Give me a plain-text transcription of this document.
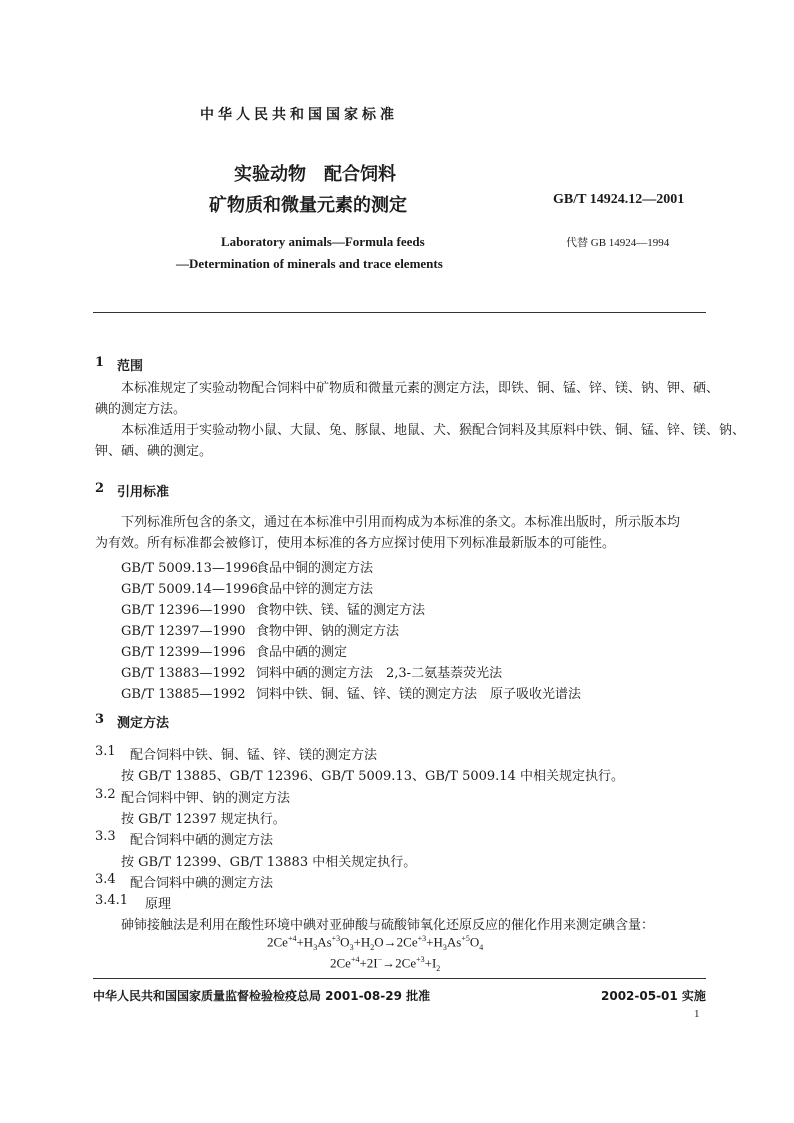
中华人民共和国国家标准
实验动物　配合饲料
矿物质和微量元素的测定	GB/T 14924.12—2001
Laboratory animals—Formula feeds	代替 GB 14924—1994
—Determination of minerals and trace elements
1 范围
本标准规定了实验动物配合饲料中矿物质和微量元素的测定方法，即铁、铜、锰、锌、镁、钠、钾、硒、
碘的测定方法。
本标准适用于实验动物小鼠、大鼠、兔、豚鼠、地鼠、犬、猴配合饲料及其原料中铁、铜、锰、锌、镁、钠、
钾、硒、碘的测定。
2 引用标准
下列标准所包含的条文，通过在本标准中引用而构成为本标准的条文。本标准出版时，所示版本均
为有效。所有标准都会被修订，使用本标准的各方应探讨使用下列标准最新版本的可能性。
GB/T 5009.13—1996食品中铜的测定方法
GB/T 5009.14—1996食品中锌的测定方法
GB/T 12396—1990 食物中铁、镁、锰的测定方法
GB/T 12397—1990 食物中钾、钠的测定方法
GB/T 12399—1996 食品中硒的测定
GB/T 13883—1992 饲料中硒的测定方法　2,3-二氨基萘荧光法
GB/T 13885—1992 饲料中铁、铜、锰、锌、镁的测定方法　原子吸收光谱法
3 测定方法
3.1 配合饲料中铁、铜、锰、锌、镁的测定方法
按 GB/T 13885、GB/T 12396、GB/T 5009.13、GB/T 5009.14 中相关规定执行。
3.2 配合饲料中钾、钠的测定方法
按 GB/T 12397 规定执行。
3.3 配合饲料中硒的测定方法
按 GB/T 12399、GB/T 13883 中相关规定执行。
3.4 配合饲料中碘的测定方法
3.4.1 原理
砷铈接触法是利用在酸性环境中碘对亚砷酸与硫酸铈氧化还原反应的催化作用来测定碘含量：
$2Ce^{+4}+H_3As^{+3}O_3+H_2O\to 2Ce^{+3}+H_3As^{+5}O_4$
$2Ce^{+4}+2I^-\to 2Ce^{+3}+I_2$
中华人民共和国国家质量监督检验检疫总局 2001-08-29 批准	2002-05-01 实施
1
